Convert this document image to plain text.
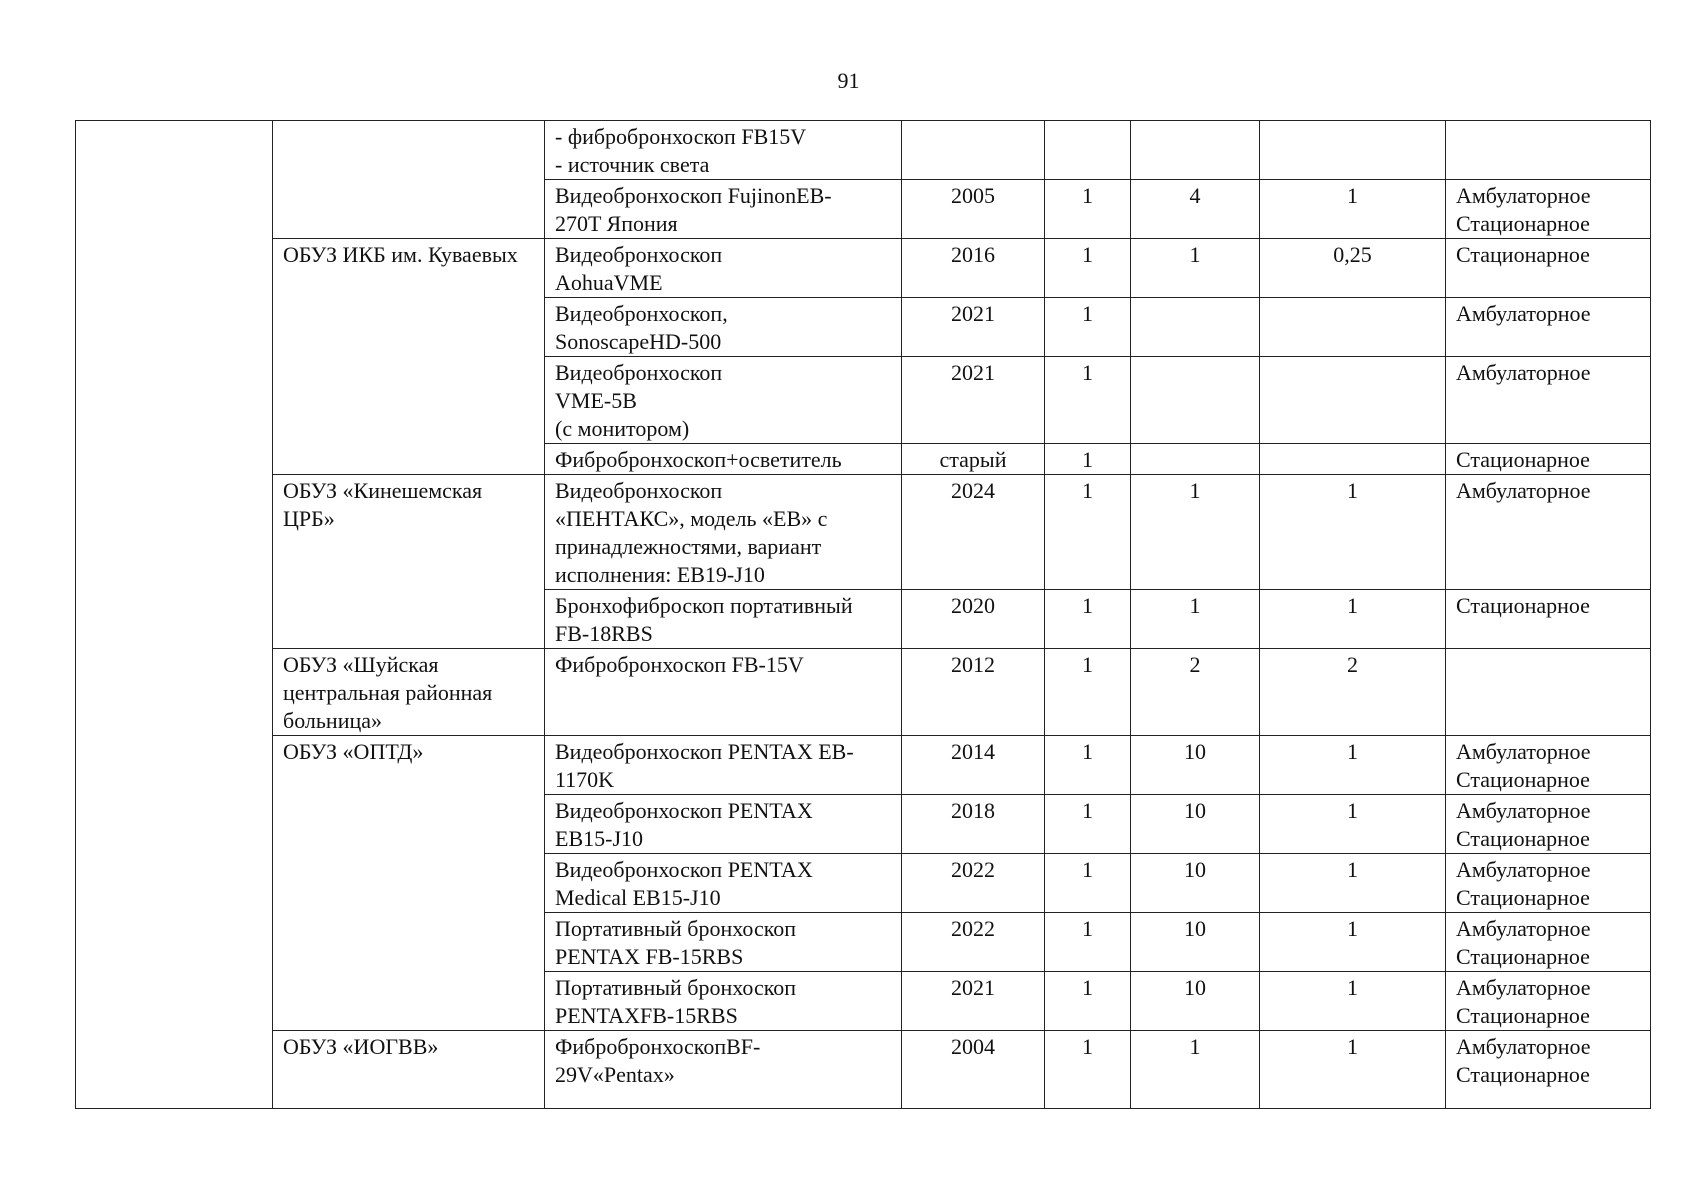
91

		- фибробронхоскоп FB15V
- источник света					

		Видеобронхоскоп FujinonEB-
270T Япония	2005	1	4	1	Амбулаторное
Стационарное

	ОБУЗ ИКБ им. Куваевых	Видеобронхоскоп
AohuaVME	2016	1	1	0,25	Стационарное

		Видеобронхоскоп,
SonoscapeHD-500	2021	1			Амбулаторное

		Видеобронхоскоп
VME-5B
(с монитором)	2021	1			Амбулаторное

		Фибробронхоскоп+осветитель	старый	1			Стационарное

	ОБУЗ «Кинешемская ЦРБ»	Видеобронхоскоп
«ПЕНТАКС», модель «EB» с
принадлежностями, вариант
исполнения: EB19-J10	2024	1	1	1	Амбулаторное

		Бронхофиброскоп портативный
FB-18RBS	2020	1	1	1	Стационарное

	ОБУЗ «Шуйская центральная районная больница»	Фибробронхоскоп FB-15V	2012	1	2	2	
	ОБУЗ «ОПТД»	Видеобронхоскоп PENTAX EB-
1170K	2014	1	10	1	Амбулаторное
Стационарное

		Видеобронхоскоп PENTAX
EB15-J10	2018	1	10	1	Амбулаторное
Стационарное

		Видеобронхоскоп PENTAX
Medical EB15-J10	2022	1	10	1	Амбулаторное
Стационарное

		Портативный бронхоскоп
PENTAX FB-15RBS	2022	1	10	1	Амбулаторное
Стационарное

		Портативный бронхоскоп
PENTAXFB-15RBS	2021	1	10	1	Амбулаторное
Стационарное

	ОБУЗ «ИОГВВ»	ФибробронхоскопBF-
29V«Pentax»	2004	1	1	1	Амбулаторное
Стационарное
